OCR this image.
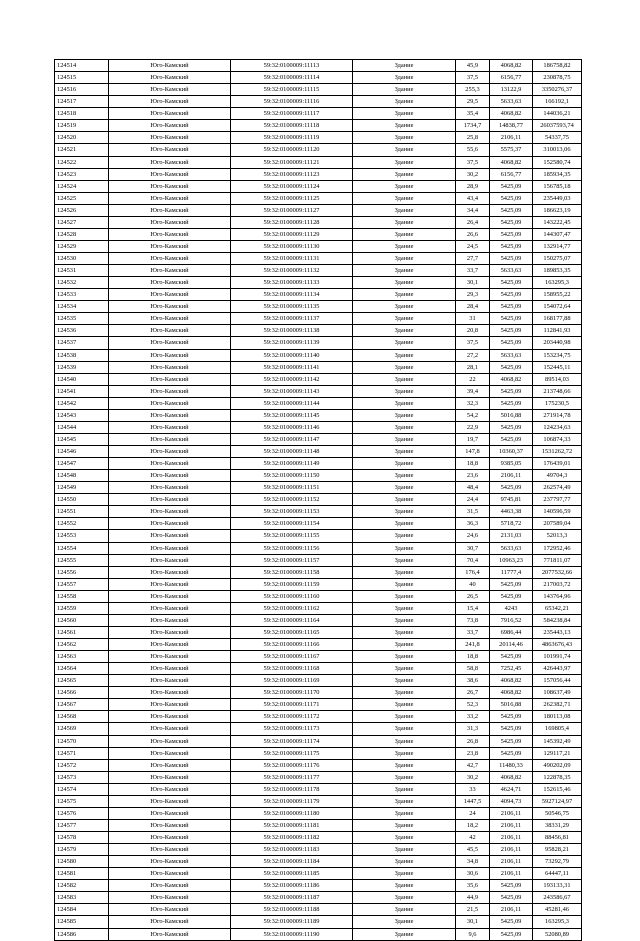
124514	Юго-Камский	59:32:0100009:11113	Здание	45,9	4068,82	186758,82
124515	Юго-Камский	59:32:0100009:11114	Здание	37,5	6156,77	230878,75
124516	Юго-Камский	59:32:0100009:11115	Здание	255,3	13122,9	3350276,37
124517	Юго-Камский	59:32:0100009:11116	Здание	29,5	5633,63	166192,1
124518	Юго-Камский	59:32:0100009:11117	Здание	35,4	4068,82	144036,21
124519	Юго-Камский	59:32:0100009:11118	Здание	1734,7	14838,77	26037593,74
124520	Юго-Камский	59:32:0100009:11119	Здание	25,8	2106,11	54337,75
124521	Юго-Камский	59:32:0100009:11120	Здание	55,6	5575,37	310013,06
124522	Юго-Камский	59:32:0100009:11121	Здание	37,5	4068,82	152580,74
124523	Юго-Камский	59:32:0100009:11123	Здание	30,2	6156,77	185934,35
124524	Юго-Камский	59:32:0100009:11124	Здание	28,9	5425,09	156785,18
124525	Юго-Камский	59:32:0100009:11125	Здание	43,4	5425,09	235449,03
124526	Юго-Камский	59:32:0100009:11127	Здание	34,4	5425,09	186623,19
124527	Юго-Камский	59:32:0100009:11128	Здание	26,4	5425,09	143222,45
124528	Юго-Камский	59:32:0100009:11129	Здание	26,6	5425,09	144307,47
124529	Юго-Камский	59:32:0100009:11130	Здание	24,5	5425,09	132914,77
124530	Юго-Камский	59:32:0100009:11131	Здание	27,7	5425,09	150275,07
124531	Юго-Камский	59:32:0100009:11132	Здание	33,7	5633,63	189853,35
124532	Юго-Камский	59:32:0100009:11133	Здание	30,1	5425,09	163295,3
124533	Юго-Камский	59:32:0100009:11134	Здание	29,3	5425,09	158955,22
124534	Юго-Камский	59:32:0100009:11135	Здание	28,4	5425,09	154072,64
124535	Юго-Камский	59:32:0100009:11137	Здание	31	5425,09	168177,88
124536	Юго-Камский	59:32:0100009:11138	Здание	20,8	5425,09	112841,93
124537	Юго-Камский	59:32:0100009:11139	Здание	37,5	5425,09	203440,98
124538	Юго-Камский	59:32:0100009:11140	Здание	27,2	5633,63	153234,75
124539	Юго-Камский	59:32:0100009:11141	Здание	28,1	5425,09	152445,11
124540	Юго-Камский	59:32:0100009:11142	Здание	22	4068,82	89514,03
124541	Юго-Камский	59:32:0100009:11143	Здание	39,4	5425,09	213748,66
124542	Юго-Камский	59:32:0100009:11144	Здание	32,3	5425,09	175230,5
124543	Юго-Камский	59:32:0100009:11145	Здание	54,2	5016,88	271914,78
124544	Юго-Камский	59:32:0100009:11146	Здание	22,9	5425,09	124234,63
124545	Юго-Камский	59:32:0100009:11147	Здание	19,7	5425,09	106874,33
124546	Юго-Камский	59:32:0100009:11148	Здание	147,8	10360,37	1531262,72
124547	Юго-Камский	59:32:0100009:11149	Здание	18,8	9385,05	176439,01
124548	Юго-Камский	59:32:0100009:11150	Здание	23,6	2106,11	49704,3
124549	Юго-Камский	59:32:0100009:11151	Здание	48,4	5425,09	262574,49
124550	Юго-Камский	59:32:0100009:11152	Здание	24,4	9745,81	237797,77
124551	Юго-Камский	59:32:0100009:11153	Здание	31,5	4463,38	140596,59
124552	Юго-Камский	59:32:0100009:11154	Здание	36,3	5718,72	207589,04
124553	Юго-Камский	59:32:0100009:11155	Здание	24,6	2131,03	52013,3
124554	Юго-Камский	59:32:0100009:11156	Здание	30,7	5633,63	172952,46
124555	Юго-Камский	59:32:0100009:11157	Здание	70,4	10963,23	771811,07
124556	Юго-Камский	59:32:0100009:11158	Здание	176,4	11777,4	2077532,66
124557	Юго-Камский	59:32:0100009:11159	Здание	40	5425,09	217003,72
124558	Юго-Камский	59:32:0100009:11160	Здание	26,5	5425,09	143764,96
124559	Юго-Камский	59:32:0100009:11162	Здание	15,4	4243	65342,21
124560	Юго-Камский	59:32:0100009:11164	Здание	73,8	7916,52	584238,84
124561	Юго-Камский	59:32:0100009:11165	Здание	33,7	6986,44	235443,13
124562	Юго-Камский	59:32:0100009:11166	Здание	241,8	20114,46	4863676,43
124563	Юго-Камский	59:32:0100009:11167	Здание	18,8	5425,09	101991,74
124564	Юго-Камский	59:32:0100009:11168	Здание	58,8	7252,45	426443,97
124565	Юго-Камский	59:32:0100009:11169	Здание	38,6	4068,82	157056,44
124566	Юго-Камский	59:32:0100009:11170	Здание	26,7	4068,82	108637,49
124567	Юго-Камский	59:32:0100009:11171	Здание	52,3	5016,88	262382,71
124568	Юго-Камский	59:32:0100009:11172	Здание	33,2	5425,09	180113,08
124569	Юго-Камский	59:32:0100009:11173	Здание	31,3	5425,09	169805,4
124570	Юго-Камский	59:32:0100009:11174	Здание	26,8	5425,09	145392,49
124571	Юго-Камский	59:32:0100009:11175	Здание	23,8	5425,09	129117,21
124572	Юго-Камский	59:32:0100009:11176	Здание	42,7	11480,33	490202,09
124573	Юго-Камский	59:32:0100009:11177	Здание	30,2	4068,82	122878,35
124574	Юго-Камский	59:32:0100009:11178	Здание	33	4624,71	152615,46
124575	Юго-Камский	59:32:0100009:11179	Здание	1447,5	4094,73	5927124,97
124576	Юго-Камский	59:32:0100009:11180	Здание	24	2106,11	50546,75
124577	Юго-Камский	59:32:0100009:11181	Здание	18,2	2106,11	38331,29
124578	Юго-Камский	59:32:0100009:11182	Здание	42	2106,11	88456,81
124579	Юго-Камский	59:32:0100009:11183	Здание	45,5	2106,11	95828,21
124580	Юго-Камский	59:32:0100009:11184	Здание	34,8	2106,11	73292,79
124581	Юго-Камский	59:32:0100009:11185	Здание	30,6	2106,11	64447,11
124582	Юго-Камский	59:32:0100009:11186	Здание	35,6	5425,09	193133,31
124583	Юго-Камский	59:32:0100009:11187	Здание	44,9	5425,09	243586,67
124584	Юго-Камский	59:32:0100009:11188	Здание	21,5	2106,11	45281,46
124585	Юго-Камский	59:32:0100009:11189	Здание	30,1	5425,09	163295,3
124586	Юго-Камский	59:32:0100009:11190	Здание	9,6	5425,09	52080,89
